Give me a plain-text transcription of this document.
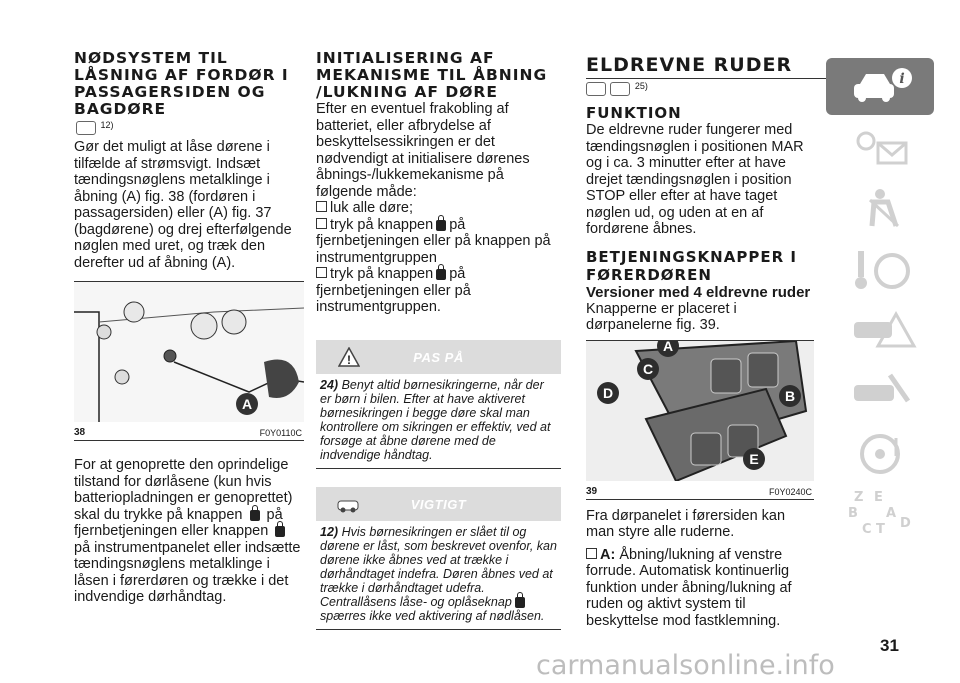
NØDSYSTEM TIL LÅSNING AF FORDØR I PASSAGERSIDEN OG BAGDØRE
$^{12)}$

Gør det muligt at låse dørene i tilfælde af strømsvigt. Indsæt tændingsnøglens metalklinge i åbning (A) fig. 38 (fordøren i passagersiden) eller (A) fig. 37 (bagdørene) og drej efterfølgende nøglen med uret, og træk den derefter ud af åbning (A).

A
38	F0Y0110C

For at genoprette den oprindelige tilstand for dørlåsene (kun hvis batteriopladningen er genoprettet) skal du trykke på knappen på fjernbetjeningen eller knappen  på instrumentpanelet eller indsætte tændingsnøglens metalklinge i låsen i førerdøren og trække i det indvendige dørhåndtag.

INITIALISERING AF MEKANISME TIL ÅBNING /LUKNING AF DØRE

Efter en eventuel frakobling af batteriet, eller afbrydelse af beskyttelsessikringen er det nødvendigt at initialisere dørenes åbnings-/lukkemekanisme på følgende måde:

luk alle døre;

tryk på knappen på fjernbetjeningen eller på knappen på instrumentgruppen

tryk på knappen på fjernbetjeningen eller på instrumentgruppen.

!	PAS PÅ
24) Benyt altid børnesikringerne, når der er børn i bilen. Efter at have aktiveret børnesikringen i begge døre skal man kontrollere om sikringen er effektiv, ved at forsøge at åbne dørene med de indvendige håndtag.
VIGTIGT
12) Hvis børnesikringen er slået til og dørene er låst, som beskrevet ovenfor, kan dørene ikke åbnes ved at trække i dørhåndtaget indefra. Døren åbnes ved at trække i dørhåndtaget udefra.
Centrallåsens låse- og oplåseknap
spærres ikke ved aktivering af nødlåsen.
ELDREVNE RUDER
$^{25)}$
FUNKTION

De eldrevne ruder fungerer med tændingsnøglen i positionen MAR og i ca. 3 minutter efter at have drejet tændingsnøglen i position STOP eller efter at have taget nøglen ud, og uden at en af fordørene åbnes.

BETJENINGSKNAPPER I FØRERDØREN
Versioner med 4 eldrevne ruder

Knapperne er placeret i dørpanelerne fig. 39.

A
C
D	B
E
39	F0Y0240C

Fra dørpanelet i førersiden kan man styre alle ruderne.

A: Åbning/lukning af venstre forrude. Automatisk kontinuerlig funktion under åbning/lukning af ruden og aktivt system til beskyttelse mod fastklemning.

i
Z E
B A
C T D
31
carmanualsonline.info
